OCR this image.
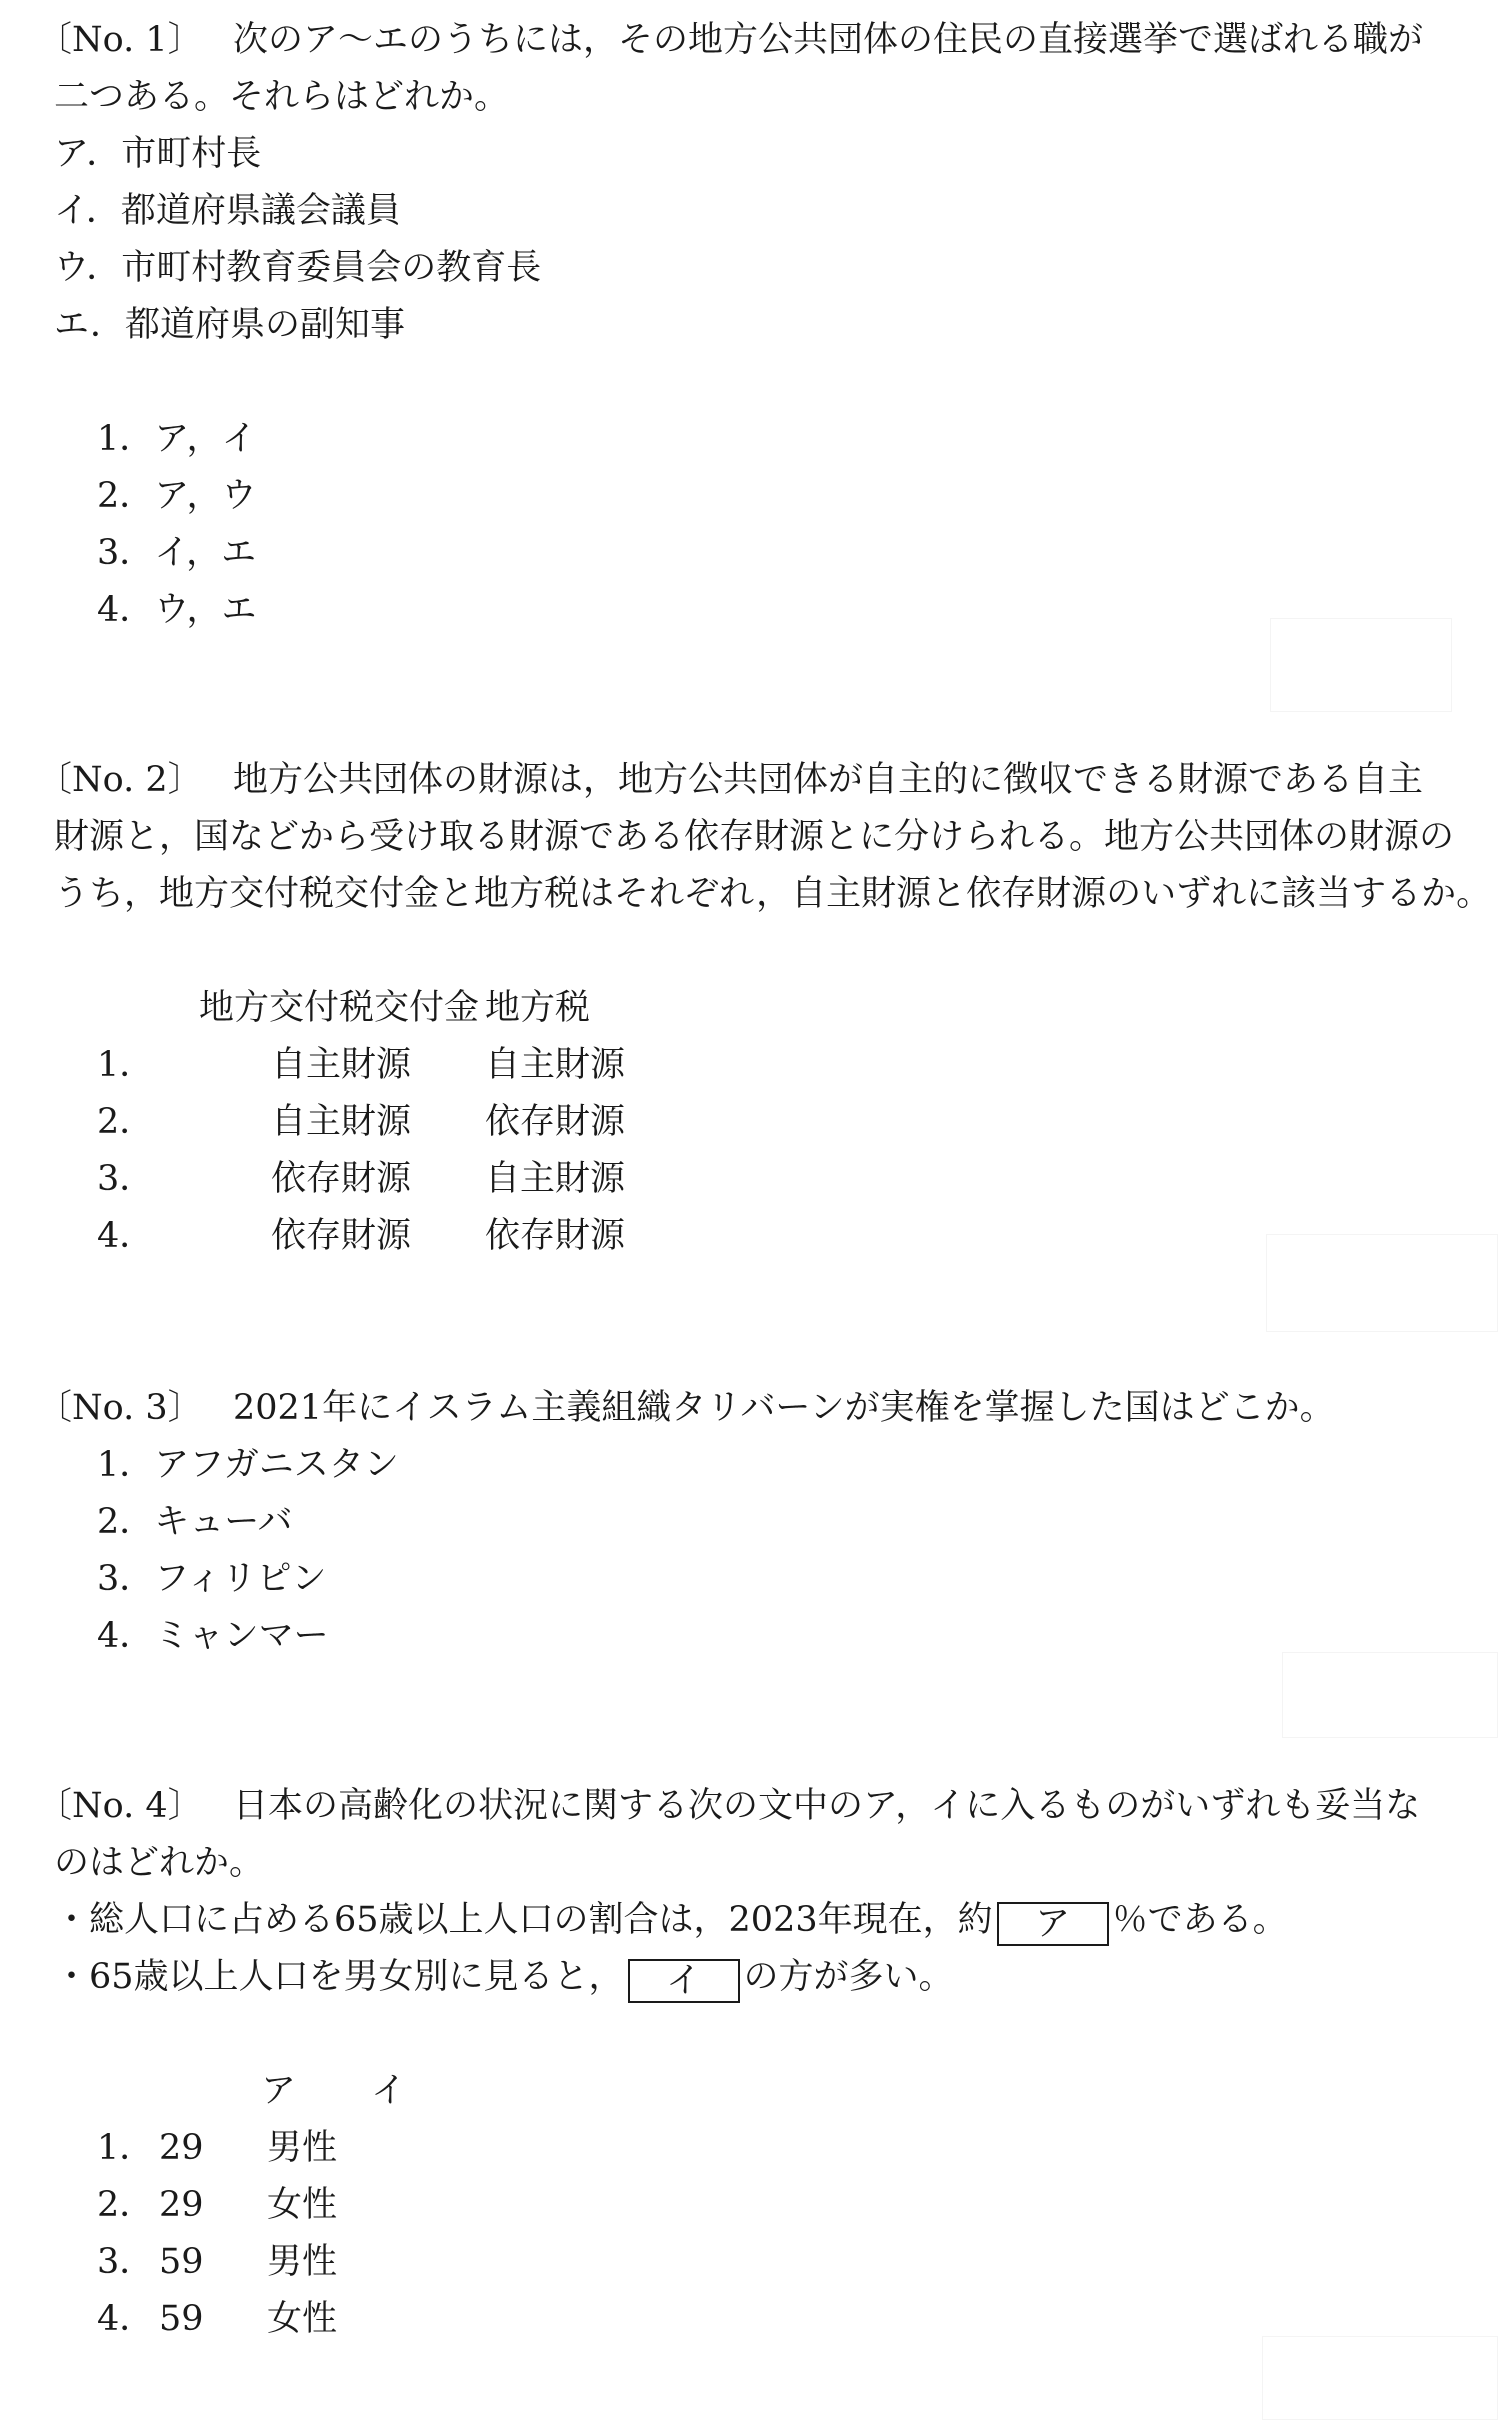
〔No. 1〕 次のア～エのうちには，その地方公共団体の住民の直接選挙で選ばれる職が
二つある。それらはどれか。
ア．市町村長
イ．都道府県議会議員
ウ．市町村教育委員会の教育長
エ．都道府県の副知事
1．ア，イ
2．ア，ウ
3．イ，エ
4．ウ，エ
〔No. 2〕 地方公共団体の財源は，地方公共団体が自主的に徴収できる財源である自主
財源と，国などから受け取る財源である依存財源とに分けられる。地方公共団体の財源の
うち，地方交付税交付金と地方税はそれぞれ，自主財源と依存財源のいずれに該当するか。
地方交付税交付金 地方税
1．	自主財源	自主財源
2．	自主財源	依存財源
3．	依存財源	自主財源
4．	依存財源	依存財源
〔No. 3〕 2021年にイスラム主義組織タリバーンが実権を掌握した国はどこか。
1．アフガニスタン
2．キューバ
3．フィリピン
4．ミャンマー
〔No. 4〕 日本の高齢化の状況に関する次の文中のア，イに入るものがいずれも妥当な
のはどれか。
・総人口に占める65歳以上人口の割合は，2023年現在，約 ア ％である。
・65歳以上人口を男女別に見ると， イ の方が多い。
ア	イ
1． 29	男性
2． 29	女性
3． 59	男性
4． 59	女性
